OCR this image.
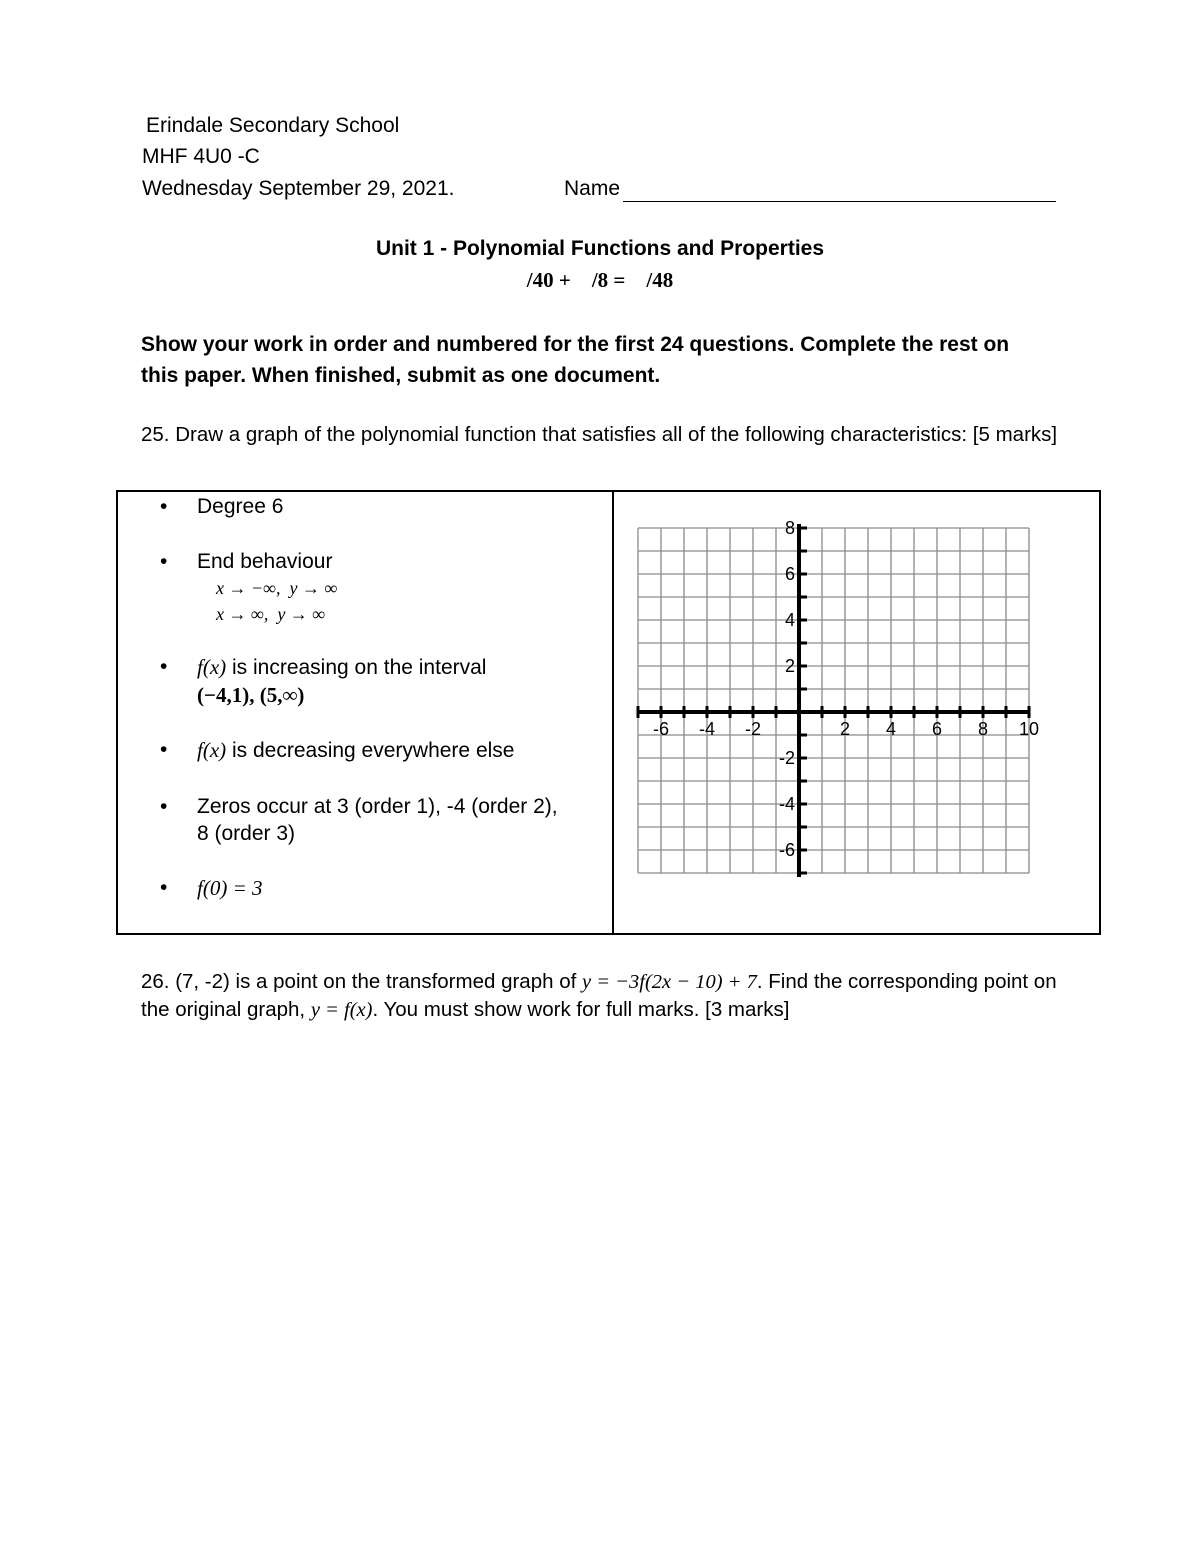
Erindale Secondary School
MHF 4U0 -C
Wednesday September 29, 2021.	Name
Unit 1 - Polynomial Functions and Properties
/40 +    /8 =    /48
Show your work in order and numbered for the first 24 questions. Complete the rest on this paper. When finished, submit as one document.
25. Draw a graph of the polynomial function that satisfies all of the following characteristics: [5 marks]
•	Degree 6
•	End behaviour
x → −∞,  y → ∞
x → ∞,  y → ∞
•	f(x) is increasing on the interval
(−4,1), (5,∞)
•	f(x) is decreasing everywhere else
•	Zeros occur at 3 (order 1), -4 (order 2),
8 (order 3)
•	f(0) = 3
-6 -4 -2	2 4 6 8 10
8
6
4
2
-2
-4
-6
26. (7, -2) is a point on the transformed graph of y = −3f(2x − 10) + 7. Find the corresponding point on the original graph, y = f(x). You must show work for full marks. [3 marks]
